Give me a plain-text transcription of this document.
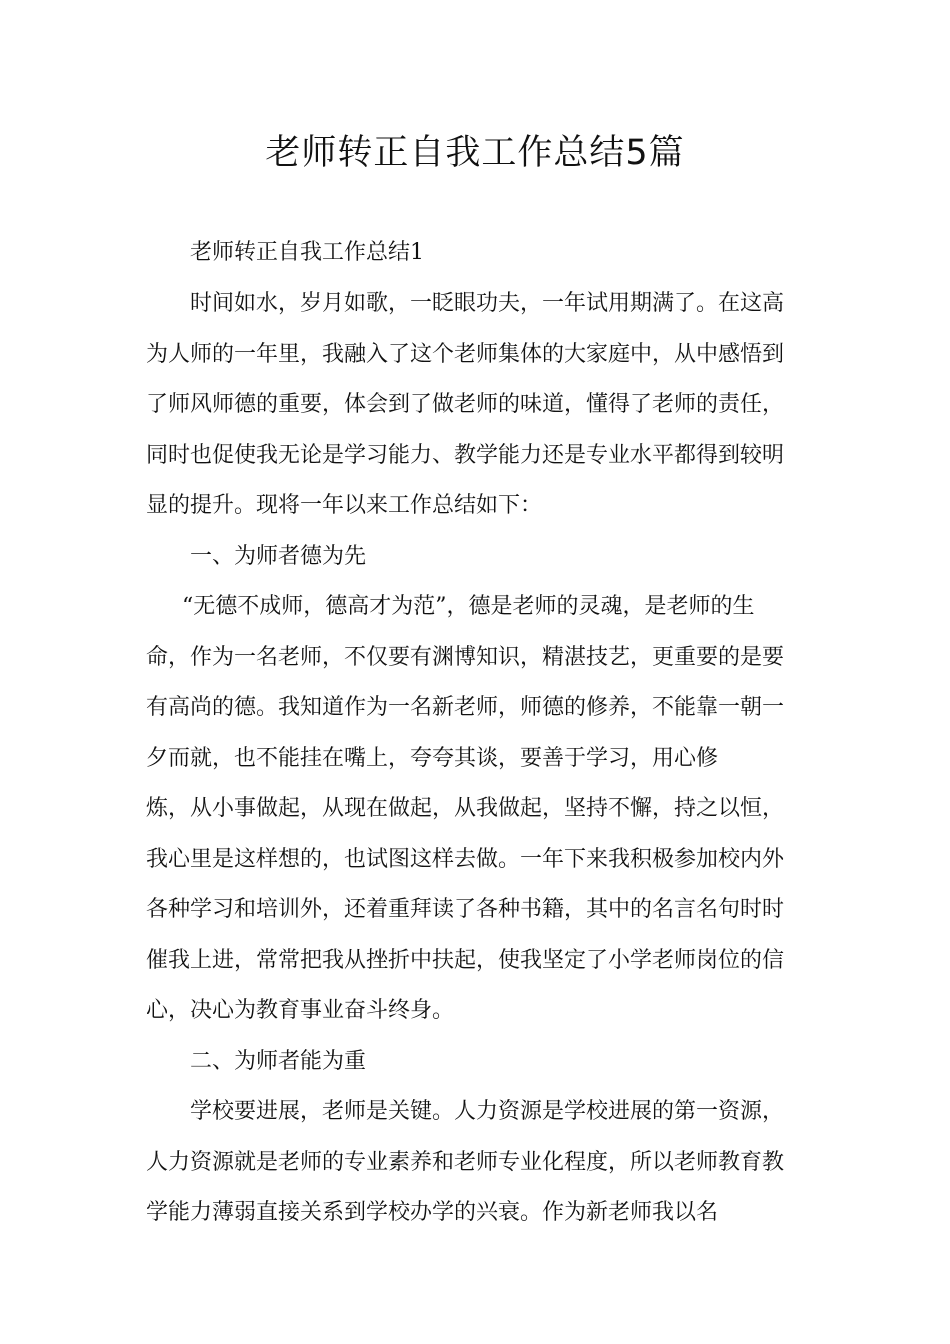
老师转正自我工作总结5篇

老师转正自我工作总结1

时间如水，岁月如歌，一眨眼功夫，一年试用期满了。在这高

为人师的一年里，我融入了这个老师集体的大家庭中，从中感悟到

了师风师德的重要，体会到了做老师的味道，懂得了老师的责任，

同时也促使我无论是学习能力、教学能力还是专业水平都得到较明

显的提升。现将一年以来工作总结如下：

一、为师者德为先

“无德不成师，德高才为范”，德是老师的灵魂，是老师的生

命，作为一名老师，不仅要有渊博知识，精湛技艺，更重要的是要

有高尚的德。我知道作为一名新老师，师德的修养，不能靠一朝一

夕而就，也不能挂在嘴上，夸夸其谈，要善于学习，用心修

炼，从小事做起，从现在做起，从我做起，坚持不懈，持之以恒，

我心里是这样想的，也试图这样去做。一年下来我积极参加校内外

各种学习和培训外，还着重拜读了各种书籍，其中的名言名句时时

催我上进，常常把我从挫折中扶起，使我坚定了小学老师岗位的信

心，决心为教育事业奋斗终身。

二、为师者能为重

学校要进展，老师是关键。人力资源是学校进展的第一资源，

人力资源就是老师的专业素养和老师专业化程度，所以老师教育教

学能力薄弱直接关系到学校办学的兴衰。作为新老师我以名
